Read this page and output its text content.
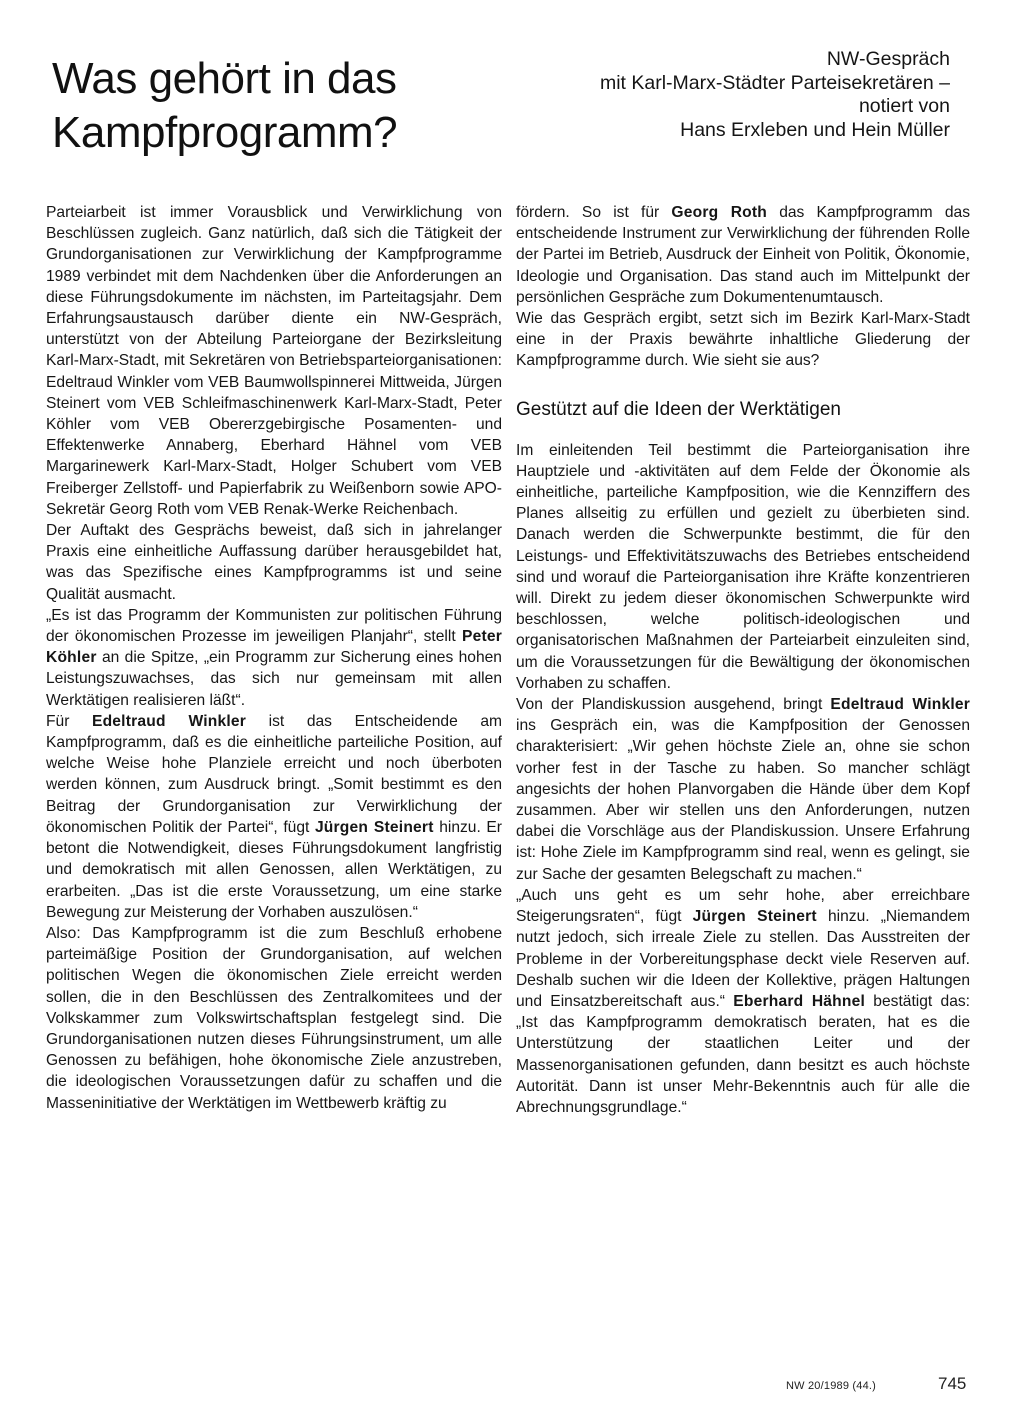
Was gehört in das
Kampfprogramm?
NW-Gespräch
mit Karl-Marx-Städter Parteisekretären –
notiert von
Hans Erxleben und Hein Müller

Parteiarbeit ist immer Vorausblick und Verwirklichung von Beschlüssen zugleich. Ganz natürlich, daß sich die Tätigkeit der Grundorganisationen zur Verwirklichung der Kampfprogramme 1989 verbindet mit dem Nachdenken über die Anforderungen an diese Führungsdokumente im nächsten, im Parteitagsjahr. Dem Erfahrungsaustausch darüber diente ein NW-Gespräch, unterstützt von der Abteilung Parteiorgane der Bezirksleitung Karl-Marx-Stadt, mit Sekretären von Betriebsparteiorganisationen: Edeltraud Winkler vom VEB Baumwollspinnerei Mittweida, Jürgen Steinert vom VEB Schleifmaschinenwerk Karl-Marx-Stadt, Peter Köhler vom VEB Obererzgebirgische Posamenten- und Effektenwerke Annaberg, Eberhard Hähnel vom VEB Margarinewerk Karl-Marx-Stadt, Holger Schubert vom VEB Freiberger Zellstoff- und Papierfabrik zu Weißenborn sowie APO-Sekretär Georg Roth vom VEB Renak-Werke Reichenbach.

Der Auftakt des Gesprächs beweist, daß sich in jahrelanger Praxis eine einheitliche Auffassung darüber herausgebildet hat, was das Spezifische eines Kampfprogramms ist und seine Qualität ausmacht.

„Es ist das Programm der Kommunisten zur politischen Führung der ökonomischen Prozesse im jeweiligen Planjahr“, stellt Peter Köhler an die Spitze, „ein Programm zur Sicherung eines hohen Leistungszuwachses, das sich nur gemeinsam mit allen Werktätigen realisieren läßt“.

Für Edeltraud Winkler ist das Entscheidende am Kampfprogramm, daß es die einheitliche parteiliche Position, auf welche Weise hohe Planziele erreicht und noch überboten werden können, zum Ausdruck bringt. „Somit bestimmt es den Beitrag der Grundorganisation zur Verwirklichung der ökonomischen Politik der Partei“, fügt Jürgen Steinert hinzu. Er betont die Notwendigkeit, dieses Führungsdokument langfristig und demokratisch mit allen Genossen, allen Werktätigen, zu erarbeiten. „Das ist die erste Voraussetzung, um eine starke Bewegung zur Meisterung der Vorhaben auszulösen.“

Also: Das Kampfprogramm ist die zum Beschluß erhobene parteimäßige Position der Grundorganisation, auf welchen politischen Wegen die ökonomischen Ziele erreicht werden sollen, die in den Beschlüssen des Zentralkomitees und der Volkskammer zum Volkswirtschaftsplan festgelegt sind. Die Grundorganisationen nutzen dieses Führungsinstrument, um alle Genossen zu befähigen, hohe ökonomische Ziele anzustreben, die ideologischen Voraussetzungen dafür zu schaffen und die Masseninitiative der Werktätigen im Wettbewerb kräftig zu

fördern. So ist für Georg Roth das Kampfprogramm das entscheidende Instrument zur Verwirklichung der führenden Rolle der Partei im Betrieb, Ausdruck der Einheit von Politik, Ökonomie, Ideologie und Organisation. Das stand auch im Mittelpunkt der persönlichen Gespräche zum Dokumentenumtausch.

Wie das Gespräch ergibt, setzt sich im Bezirk Karl-Marx-Stadt eine in der Praxis bewährte inhaltliche Gliederung der Kampfprogramme durch. Wie sieht sie aus?

Gestützt auf die Ideen der Werktätigen

Im einleitenden Teil bestimmt die Parteiorganisation ihre Hauptziele und -aktivitäten auf dem Felde der Ökonomie als einheitliche, parteiliche Kampfposition, wie die Kennziffern des Planes allseitig zu erfüllen und gezielt zu überbieten sind. Danach werden die Schwerpunkte bestimmt, die für den Leistungs- und Effektivitätszuwachs des Betriebes entscheidend sind und worauf die Parteiorganisation ihre Kräfte konzentrieren will. Direkt zu jedem dieser ökonomischen Schwerpunkte wird beschlossen, welche politisch-ideologischen und organisatorischen Maßnahmen der Parteiarbeit einzuleiten sind, um die Voraussetzungen für die Bewältigung der ökonomischen Vorhaben zu schaffen.

Von der Plandiskussion ausgehend, bringt Edeltraud Winkler ins Gespräch ein, was die Kampfposition der Genossen charakterisiert: „Wir gehen höchste Ziele an, ohne sie schon vorher fest in der Tasche zu haben. So mancher schlägt angesichts der hohen Planvorgaben die Hände über dem Kopf zusammen. Aber wir stellen uns den Anforderungen, nutzen dabei die Vorschläge aus der Plandiskussion. Unsere Erfahrung ist: Hohe Ziele im Kampfprogramm sind real, wenn es gelingt, sie zur Sache der gesamten Belegschaft zu machen.“

„Auch uns geht es um sehr hohe, aber erreichbare Steigerungsraten“, fügt Jürgen Steinert hinzu. „Niemandem nutzt jedoch, sich irreale Ziele zu stellen. Das Ausstreiten der Probleme in der Vorbereitungsphase deckt viele Reserven auf. Deshalb suchen wir die Ideen der Kollektive, prägen Haltungen und Einsatzbereitschaft aus.“ Eberhard Hähnel bestätigt das: „Ist das Kampfprogramm demokratisch beraten, hat es die Unterstützung der staatlichen Leiter und der Massenorganisationen gefunden, dann besitzt es auch höchste Autorität. Dann ist unser Mehr-Bekenntnis auch für alle die Abrechnungsgrundlage.“

NW 20/1989 (44.)	745
